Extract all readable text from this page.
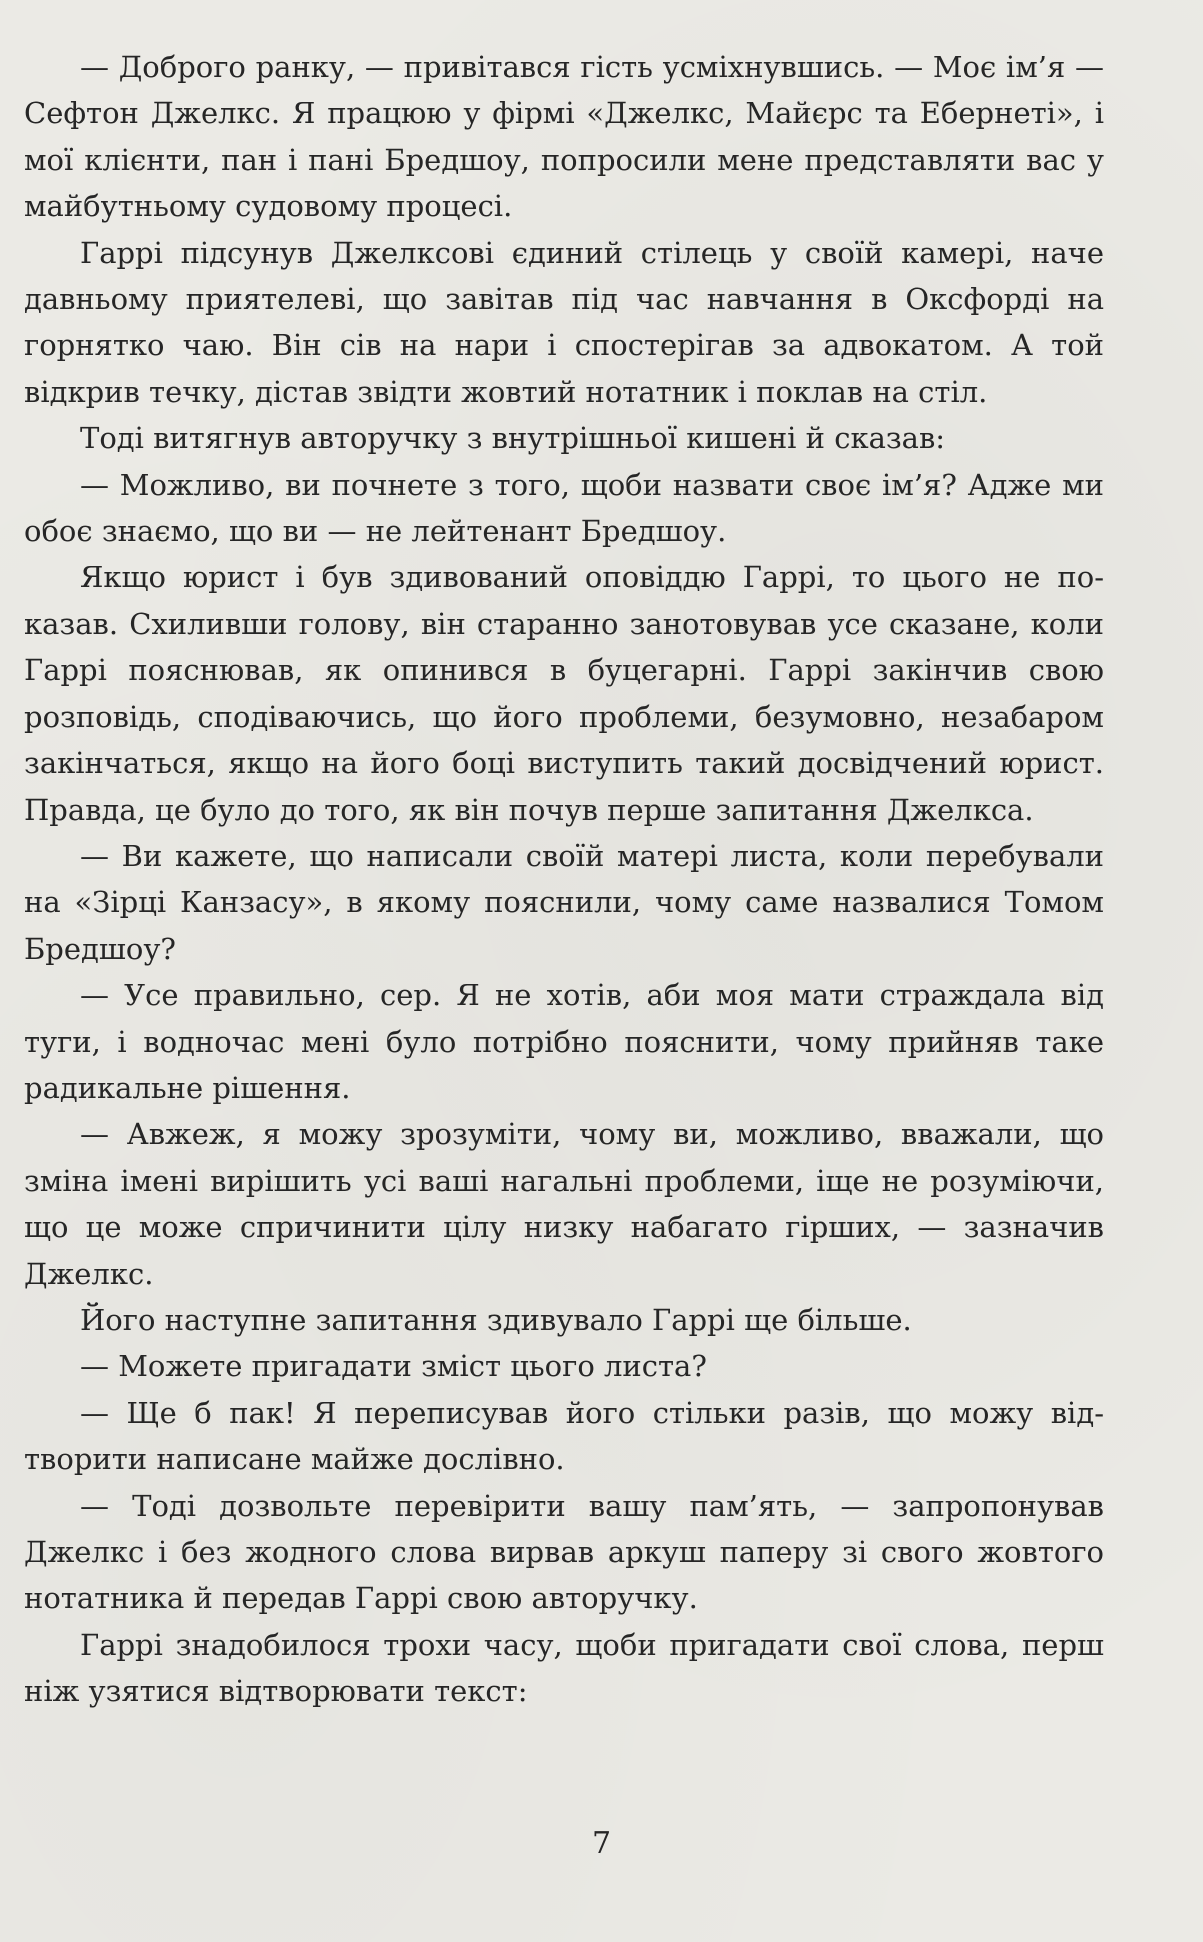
— Доброго ранку, — привітався гість усміхнувшись. — Моє ім’я — Сефтон Джелкс. Я працюю у фірмі «Джелкс, Майєрс та Ебернеті», і мої клієнти, пан і пані Бредшоу, попросили мене представляти вас у майбутньому судовому процесі.

Гаррі підсунув Джелксові єдиний стілець у своїй камері, наче давньому приятелеві, що завітав під час навчання в Оксфорді на горнятко чаю. Він сів на нари і спостерігав за адвокатом. А той відкрив течку, дістав звідти жовтий нотатник і поклав на стіл.

Тоді витягнув авторучку з внутрішньої кишені й сказав:

— Можливо, ви почнете з того, щоби назвати своє ім’я? Адже ми обоє знаємо, що ви — не лейтенант Бредшоу.

Якщо юрист і був здивований оповіддю Гаррі, то цього не показав. Схиливши голову, він старанно занотовував усе сказане, коли Гаррі пояснював, як опинився в буцегарні. Гаррі закінчив свою розповідь, сподіваючись, що його проблеми, безумовно, незабаром закінчаться, якщо на його боці виступить такий досвідчений юрист. Правда, це було до того, як він почув перше запитання Джелкса.

— Ви кажете, що написали своїй матері листа, коли перебували на «Зірці Канзасу», в якому пояснили, чому саме назвалися Томом Бредшоу?

— Усе правильно, сер. Я не хотів, аби моя мати страждала від туги, і водночас мені було потрібно пояснити, чому прийняв таке радикальне рішення.

— Авжеж, я можу зрозуміти, чому ви, можливо, вважали, що зміна імені вирішить усі ваші нагальні проблеми, іще не розуміючи, що це може спричинити цілу низку набагато гірших, — зазначив Джелкс.

Його наступне запитання здивувало Гаррі ще більше.

— Можете пригадати зміст цього листа?

— Ще б пак! Я переписував його стільки разів, що можу відтворити написане майже дослівно.

— Тоді дозвольте перевірити вашу пам’ять, — запропонував Джелкс і без жодного слова вирвав аркуш паперу зі свого жовтого нотатника й передав Гаррі свою авторучку.

Гаррі знадобилося трохи часу, щоби пригадати свої слова, перш ніж узятися відтворювати текст:

7
